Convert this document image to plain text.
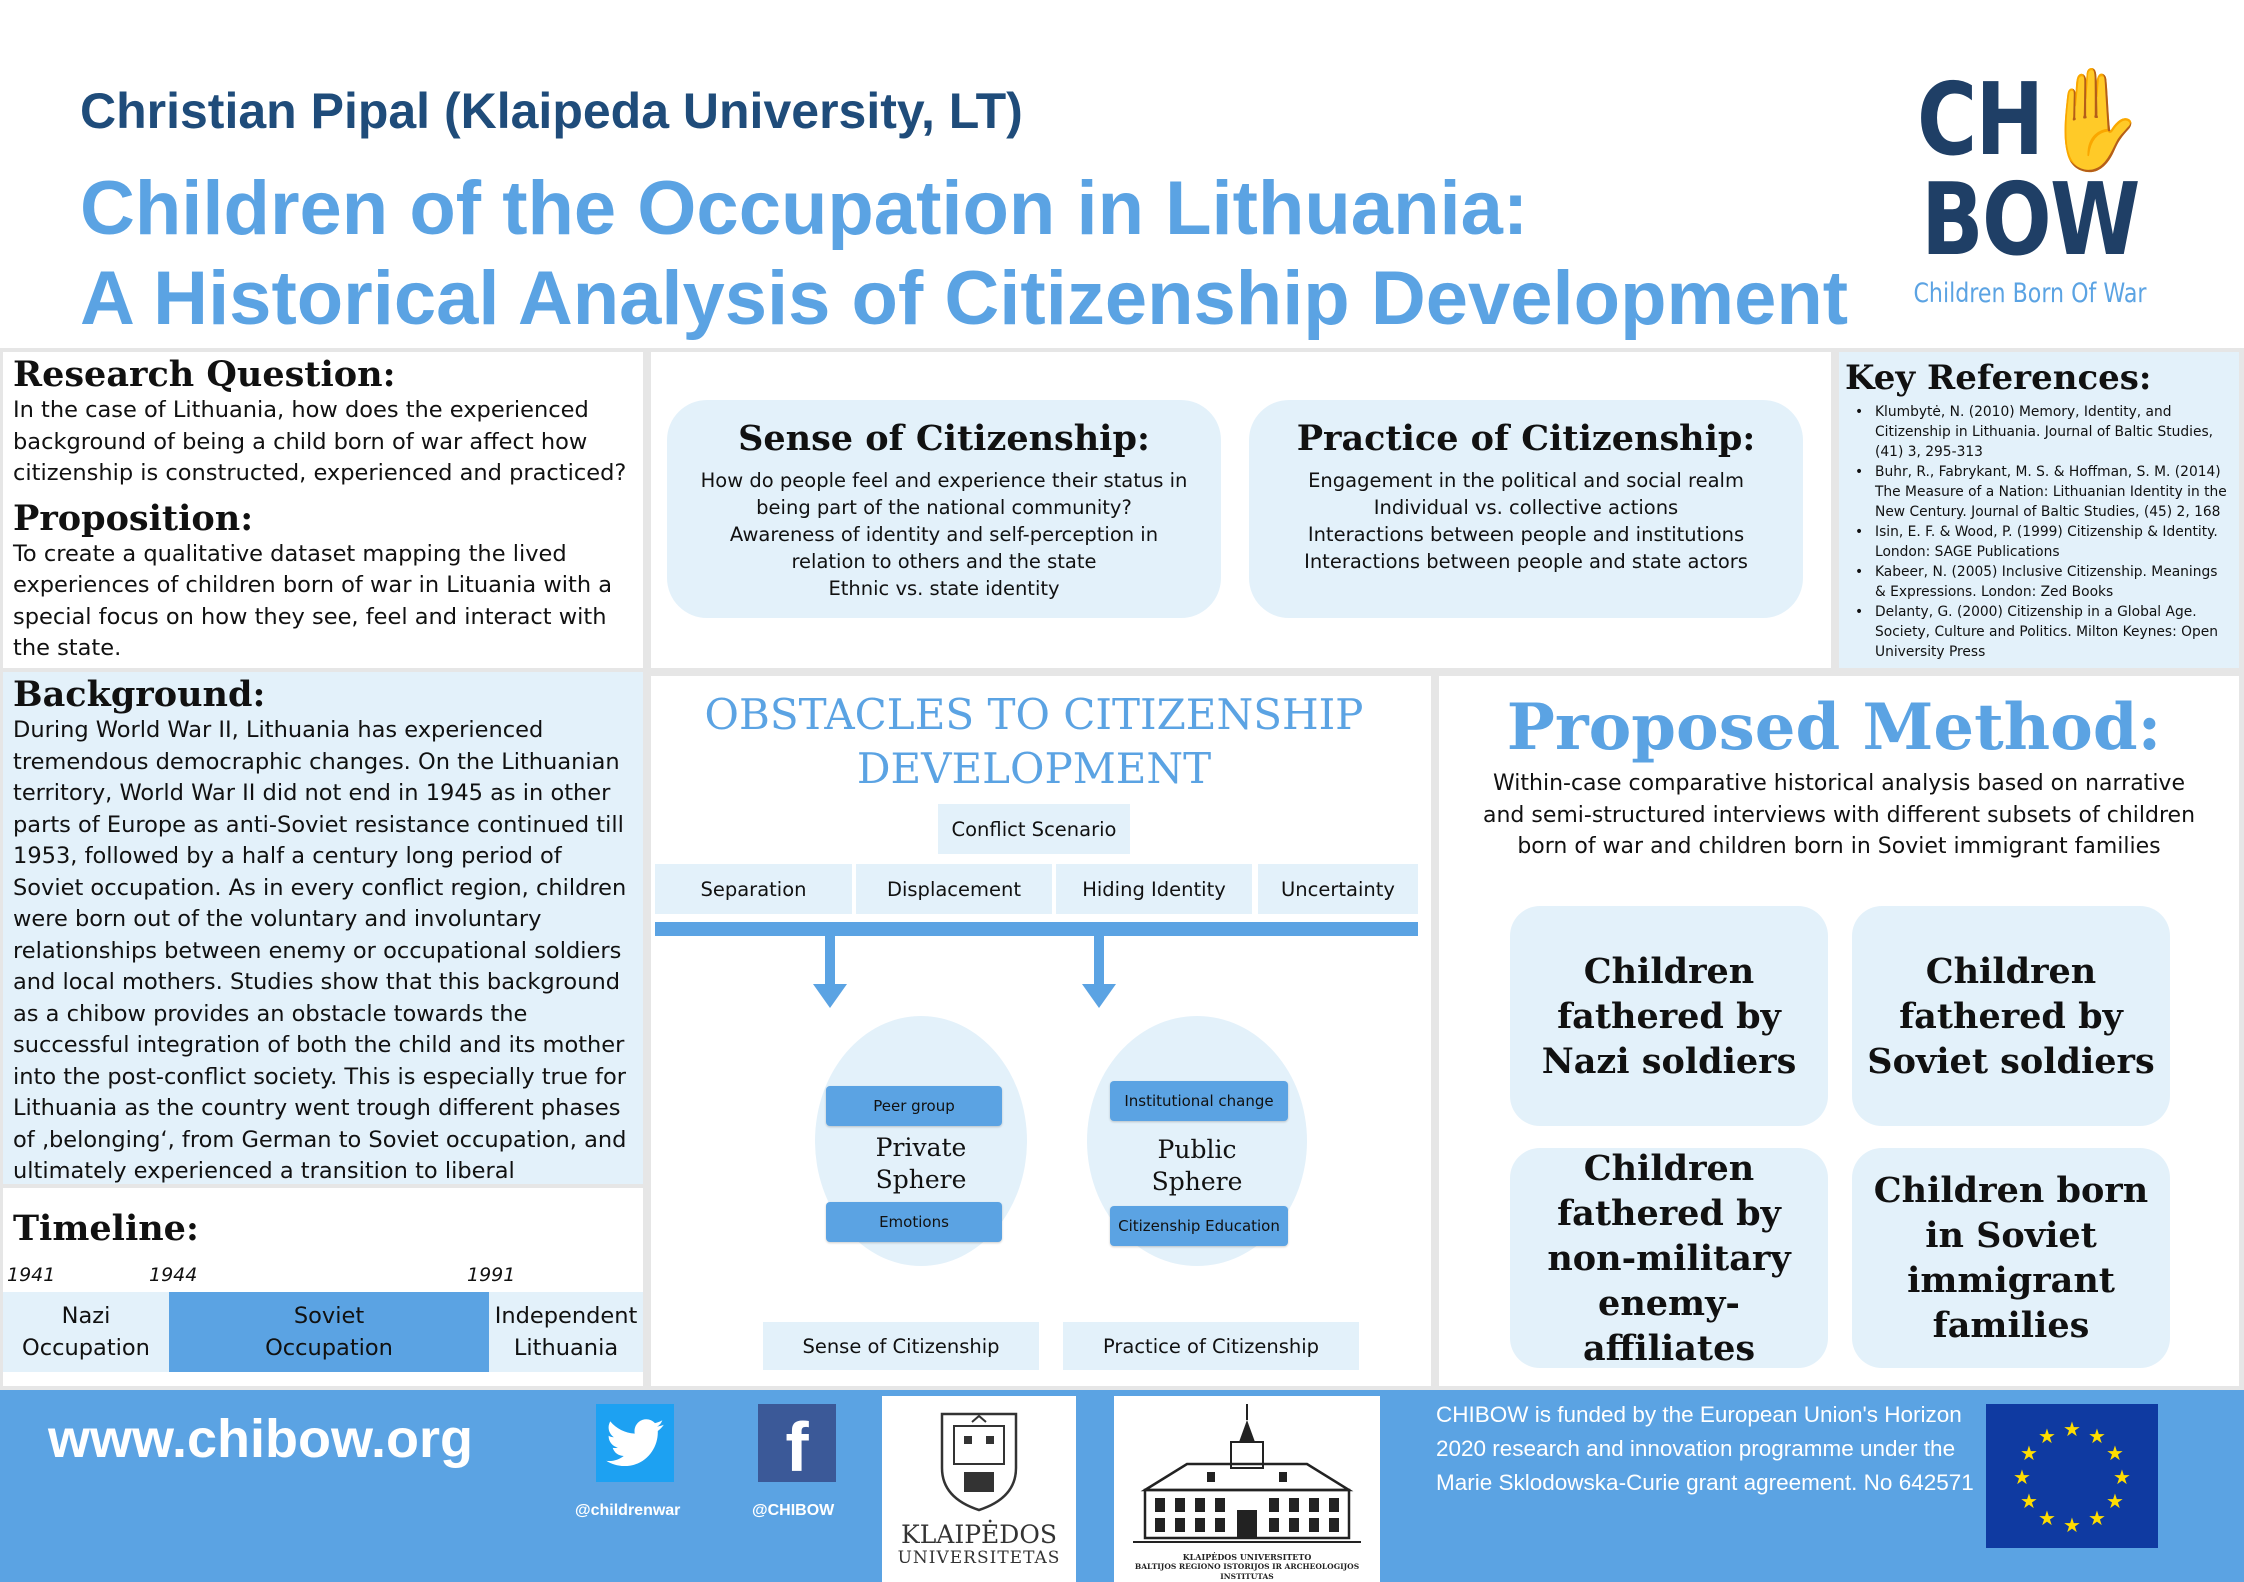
Christian Pipal (Klaipeda University, LT)
Children of the Occupation in Lithuania:
A Historical Analysis of Citizenship Development
CH✋BOW
Children Born Of War
Research Question:
In the case of Lithuania, how does the experienced background of being a child born of war affect how citizenship is constructed, experienced and practiced?
Proposition:
To create a qualitative dataset mapping the lived experiences of children born of war in Lituania with a special focus on how they see, feel and interact with the state.
Background:
During World War II, Lithuania has experienced tremendous democraphic changes. On the Lithuanian territory, World War II did not end in 1945 as in other parts of Europe as anti-Soviet resistance continued till 1953, followed by a half a century long period of Soviet occupation. As in every conflict region, children were born out of the voluntary and involuntary relationships between enemy or occupational soldiers and local mothers. Studies show that this background as a chibow provides an obstacle towards the successful integration of both the child and its mother into the post-conflict society. This is especially true for Lithuania as the country went trough different phases of ‚belonging‘, from German to Soviet occupation, and ultimately experienced a transition to liberal
Timeline:
1941	1944	1991
Nazi Occupation
Soviet Occupation
Independent Lithuania
Sense of Citizenship:
How do people feel and experience their status in being part of the national community?
Awareness of identity and self-perception in relation to others and the state
Ethnic vs. state identity
Practice of Citizenship:
Engagement in the political and social realm
Individual vs. collective actions
Interactions between people and institutions
Interactions between people and state actors
Key References:
• Klumbytė, N. (2010) Memory, Identity, and Citizenship in Lithuania. Journal of Baltic Studies, (41) 3, 295-313
• Buhr, R., Fabrykant, M. S. & Hoffman, S. M. (2014) The Measure of a Nation: Lithuanian Identity in the New Century. Journal of Baltic Studies, (45) 2, 168
• Isin, E. F. & Wood, P. (1999) Citizenship & Identity. London: SAGE Publications
• Kabeer, N. (2005) Inclusive Citizenship. Meanings & Expressions. London: Zed Books
• Delanty, G. (2000) Citizenship in a Global Age. Society, Culture and Politics. Milton Keynes: Open University Press
OBSTACLES TO CITIZENSHIP
DEVELOPMENT
Conflict Scenario
Separation	Displacement	Hiding Identity	Uncertainty
Peer group
Private
Sphere
Emotions
Institutional change
Public
Sphere
Citizenship Education
Sense of Citizenship	Practice of Citizenship
Proposed Method:
Within-case comparative historical analysis based on narrative and semi-structured interviews with different subsets of children born of war and children born in Soviet immigrant families
Children fathered by Nazi soldiers
Children fathered by Soviet soldiers
Children fathered by non-military enemy-affiliates
Children born in Soviet immigrant families
www.chibow.org
@childrenwar
f
@CHIBOW
KLAIPĖDOS
UNIVERSITETAS	KLAIPĖDOS UNIVERSITETO
BALTIJOS REGIONO ISTORIJOS IR ARCHEOLOGIJOS INSTITUTAS
CHIBOW is funded by the European Union's Horizon 2020 research and innovation programme under the Marie Sklodowska-Curie grant agreement. No 642571
★ ★
★
★
★
★
★
★
★
★
★
★
